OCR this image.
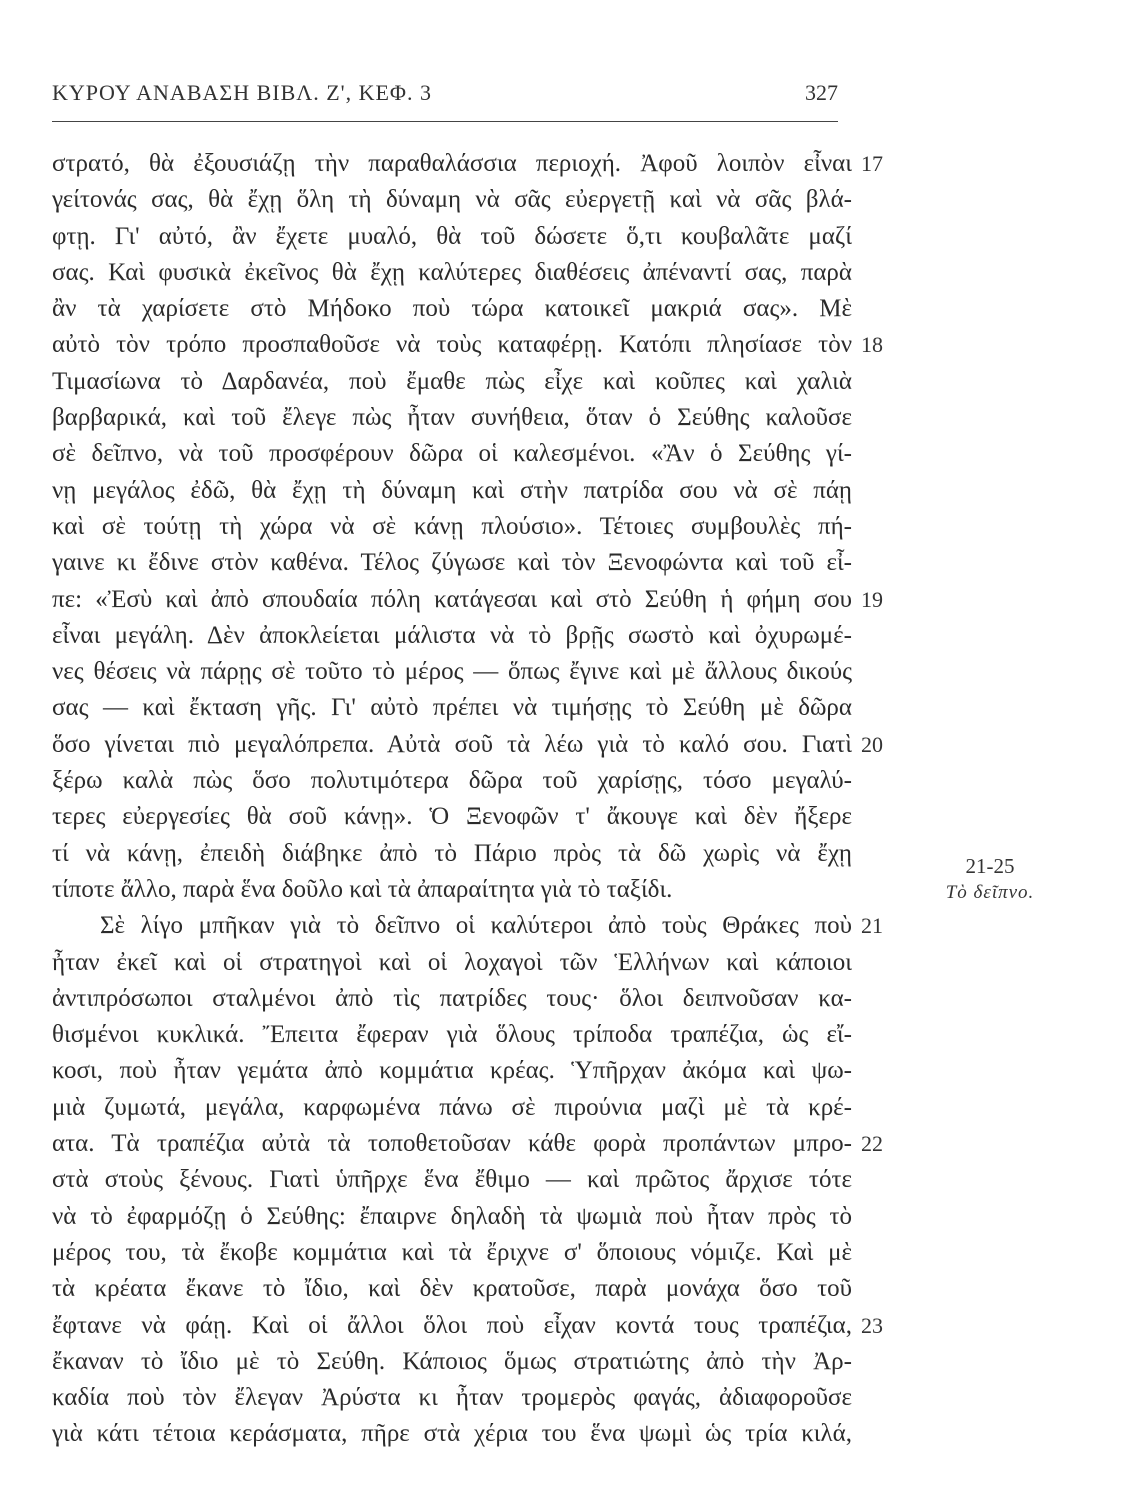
ΚΥΡΟΥ ΑΝΑΒΑΣΗ ΒΙΒΛ. Ζ', ΚΕΦ. 3	327
στρατό, θὰ ἐξουσιάζῃ τὴν παραθαλάσσια περιοχή. Ἀφοῦ λοιπὸν εἶναι 17
γείτονάς σας, θὰ ἔχῃ ὅλη τὴ δύναμη νὰ σᾶς εὐεργετῇ καὶ νὰ σᾶς βλά-
φτῃ. Γι' αὐτό, ἂν ἔχετε μυαλό, θὰ τοῦ δώσετε ὅ,τι κουβαλᾶτε μαζί
σας. Καὶ φυσικὰ ἐκεῖνος θὰ ἔχῃ καλύτερες διαθέσεις ἀπέναντί σας, παρὰ
ἂν τὰ χαρίσετε στὸ Μήδοκο ποὺ τώρα κατοικεῖ μακριά σας». Μὲ
αὐτὸ τὸν τρόπο προσπαθοῦσε νὰ τοὺς καταφέρῃ. Κατόπι πλησίασε τὸν 18
Τιμασίωνα τὸ Δαρδανέα, ποὺ ἔμαθε πὼς εἶχε καὶ κοῦπες καὶ χαλιὰ
βαρβαρικά, καὶ τοῦ ἔλεγε πὼς ἦταν συνήθεια, ὅταν ὁ Σεύθης καλοῦσε
σὲ δεῖπνο, νὰ τοῦ προσφέρουν δῶρα οἱ καλεσμένοι. «Ἂν ὁ Σεύθης γί-
νῃ μεγάλος ἐδῶ, θὰ ἔχῃ τὴ δύναμη καὶ στὴν πατρίδα σου νὰ σὲ πάῃ
καὶ σὲ τούτῃ τὴ χώρα νὰ σὲ κάνῃ πλούσιο». Τέτοιες συμβουλὲς πή-
γαινε κι ἔδινε στὸν καθένα. Τέλος ζύγωσε καὶ τὸν Ξενοφώντα καὶ τοῦ εἶ-
πε: «Ἐσὺ καὶ ἀπὸ σπουδαία πόλη κατάγεσαι καὶ στὸ Σεύθη ἡ φήμη σου 19
εἶναι μεγάλη. Δὲν ἀποκλείεται μάλιστα νὰ τὸ βρῇς σωστὸ καὶ ὀχυρωμέ-
νες θέσεις νὰ πάρῃς σὲ τοῦτο τὸ μέρος — ὅπως ἔγινε καὶ μὲ ἄλλους δικούς
σας — καὶ ἔκταση γῆς. Γι' αὐτὸ πρέπει νὰ τιμήσῃς τὸ Σεύθη μὲ δῶρα
ὅσο γίνεται πιὸ μεγαλόπρεπα. Αὐτὰ σοῦ τὰ λέω γιὰ τὸ καλό σου. Γιατὶ 20
ξέρω καλὰ πὼς ὅσο πολυτιμότερα δῶρα τοῦ χαρίσῃς, τόσο μεγαλύ-
τερες εὐεργεσίες θὰ σοῦ κάνῃ». Ὁ Ξενοφῶν τ' ἄκουγε καὶ δὲν ἤξερε
τί νὰ κάνῃ, ἐπειδὴ διάβηκε ἀπὸ τὸ Πάριο πρὸς τὰ δῶ χωρὶς νὰ ἔχῃ
τίποτε ἄλλο, παρὰ ἕνα δοῦλο καὶ τὰ ἀπαραίτητα γιὰ τὸ ταξίδι.
Σὲ λίγο μπῆκαν γιὰ τὸ δεῖπνο οἱ καλύτεροι ἀπὸ τοὺς Θράκες ποὺ 21
ἦταν ἐκεῖ καὶ οἱ στρατηγοὶ καὶ οἱ λοχαγοὶ τῶν Ἑλλήνων καὶ κάποιοι
ἀντιπρόσωποι σταλμένοι ἀπὸ τὶς πατρίδες τους· ὅλοι δειπνοῦσαν κα-
θισμένοι κυκλικά. Ἔπειτα ἔφεραν γιὰ ὅλους τρίποδα τραπέζια, ὡς εἴ-
κοσι, ποὺ ἦταν γεμάτα ἀπὸ κομμάτια κρέας. Ὑπῆρχαν ἀκόμα καὶ ψω-
μιὰ ζυμωτά, μεγάλα, καρφωμένα πάνω σὲ πιρούνια μαζὶ μὲ τὰ κρέ-
ατα. Τὰ τραπέζια αὐτὰ τὰ τοποθετοῦσαν κάθε φορὰ προπάντων μπρο- 22
στὰ στοὺς ξένους. Γιατὶ ὑπῆρχε ἕνα ἔθιμο — καὶ πρῶτος ἄρχισε τότε
νὰ τὸ ἐφαρμόζῃ ὁ Σεύθης: ἔπαιρνε δηλαδὴ τὰ ψωμιὰ ποὺ ἦταν πρὸς τὸ
μέρος του, τὰ ἔκοβε κομμάτια καὶ τὰ ἔριχνε σ' ὅποιους νόμιζε. Καὶ μὲ
τὰ κρέατα ἔκανε τὸ ἴδιο, καὶ δὲν κρατοῦσε, παρὰ μονάχα ὅσο τοῦ
ἔφτανε νὰ φάῃ. Καὶ οἱ ἄλλοι ὅλοι ποὺ εἶχαν κοντά τους τραπέζια, 23
ἔκαναν τὸ ἴδιο μὲ τὸ Σεύθη. Κάποιος ὅμως στρατιώτης ἀπὸ τὴν Ἀρ-
καδία ποὺ τὸν ἔλεγαν Ἀρύστα κι ἦταν τρομερὸς φαγάς, ἀδιαφοροῦσε
γιὰ κάτι τέτοια κεράσματα, πῆρε στὰ χέρια του ἕνα ψωμὶ ὡς τρία κιλά,
21-25
Τὸ δεῖπνο.
